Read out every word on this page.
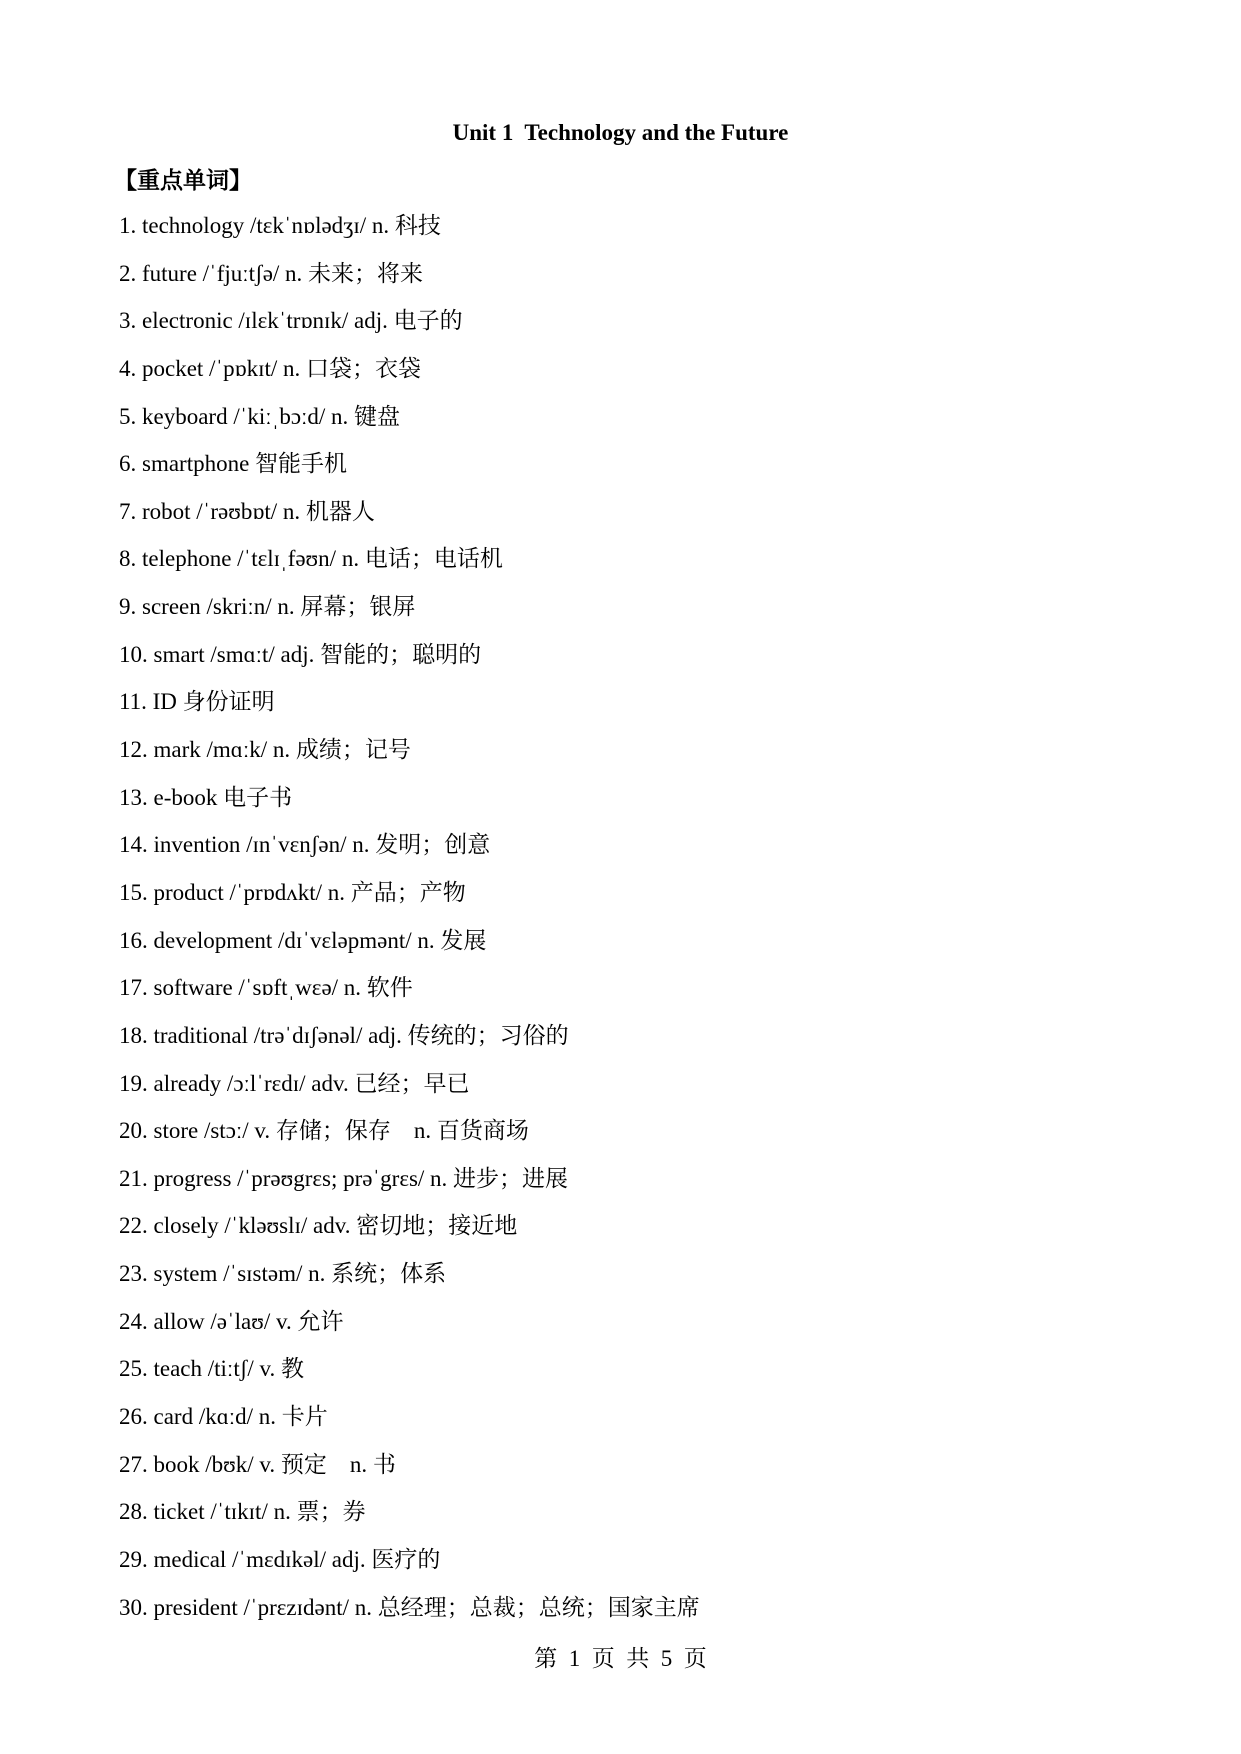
Unit 1  Technology and the Future
【重点单词】
1. technology /tɛkˈnɒlədʒɪ/ n. 科技
2. future /ˈfjuːtʃə/ n. 未来；将来
3. electronic /ɪlɛkˈtrɒnɪk/ adj. 电子的
4. pocket /ˈpɒkɪt/ n. 口袋；衣袋
5. keyboard /ˈkiːˌbɔːd/ n. 键盘
6. smartphone 智能手机
7. robot /ˈrəʊbɒt/ n. 机器人
8. telephone /ˈtɛlɪˌfəʊn/ n. 电话；电话机
9. screen /skriːn/ n. 屏幕；银屏
10. smart /smɑːt/ adj. 智能的；聪明的
11. ID 身份证明
12. mark /mɑːk/ n. 成绩；记号
13. e-book 电子书
14. invention /ɪnˈvɛnʃən/ n. 发明；创意
15. product /ˈprɒdʌkt/ n. 产品；产物
16. development /dɪˈvɛləpmənt/ n. 发展
17. software /ˈsɒftˌwɛə/ n. 软件
18. traditional /trəˈdɪʃənəl/ adj. 传统的；习俗的
19. already /ɔːlˈrɛdɪ/ adv. 已经；早已
20. store /stɔː/ v. 存储；保存    n. 百货商场
21. progress /ˈprəʊgrɛs; prəˈgrɛs/ n. 进步；进展
22. closely /ˈkləʊslɪ/ adv. 密切地；接近地
23. system /ˈsɪstəm/ n. 系统；体系
24. allow /əˈlaʊ/ v. 允许
25. teach /tiːtʃ/ v. 教
26. card /kɑːd/ n. 卡片
27. book /bʊk/ v. 预定    n. 书
28. ticket /ˈtɪkɪt/ n. 票；券
29. medical /ˈmɛdɪkəl/ adj. 医疗的
30. president /ˈprɛzɪdənt/ n. 总经理；总裁；总统；国家主席
第  1  页  共  5  页
